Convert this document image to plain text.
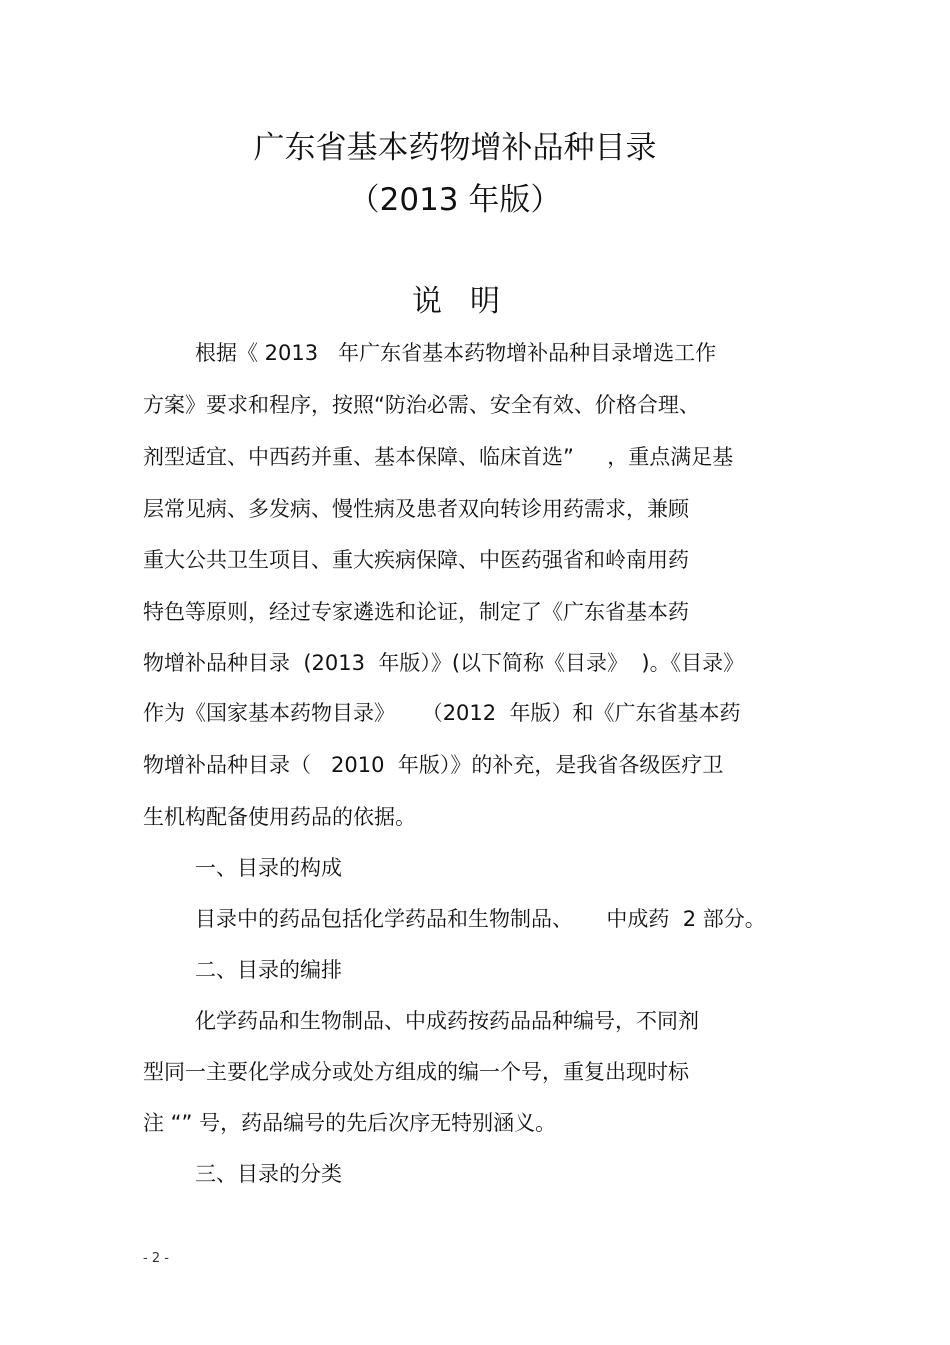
广东省基本药物增补品种目录
（2013 年版）
说明

根据《 2013   年广东省基本药物增补品种目录增选工作

方案》要求和程序，按照“防治必需、安全有效、价格合理、

剂型适宜、中西药并重、基本保障、临床首选”     ，重点满足基

层常见病、多发病、慢性病及患者双向转诊用药需求，兼顾

重大公共卫生项目、重大疾病保障、中医药强省和岭南用药

特色等原则，经过专家遴选和论证，制定了《广东省基本药

物增补品种目录  (2013  年版）》(以下简称《目录》  )。《目录》

作为《国家基本药物目录》    （2012  年版）和《广东省基本药

物增补品种目录（   2010  年版）》的补充，是我省各级医疗卫

生机构配备使用药品的依据。

一、目录的构成

目录中的药品包括化学药品和生物制品、     中成药  2 部分。

二、目录的编排

化学药品和生物制品、中成药按药品品种编号，不同剂

型同一主要化学成分或处方组成的编一个号，重复出现时标

注 “” 号，药品编号的先后次序无特别涵义。

三、目录的分类

- 2 -
